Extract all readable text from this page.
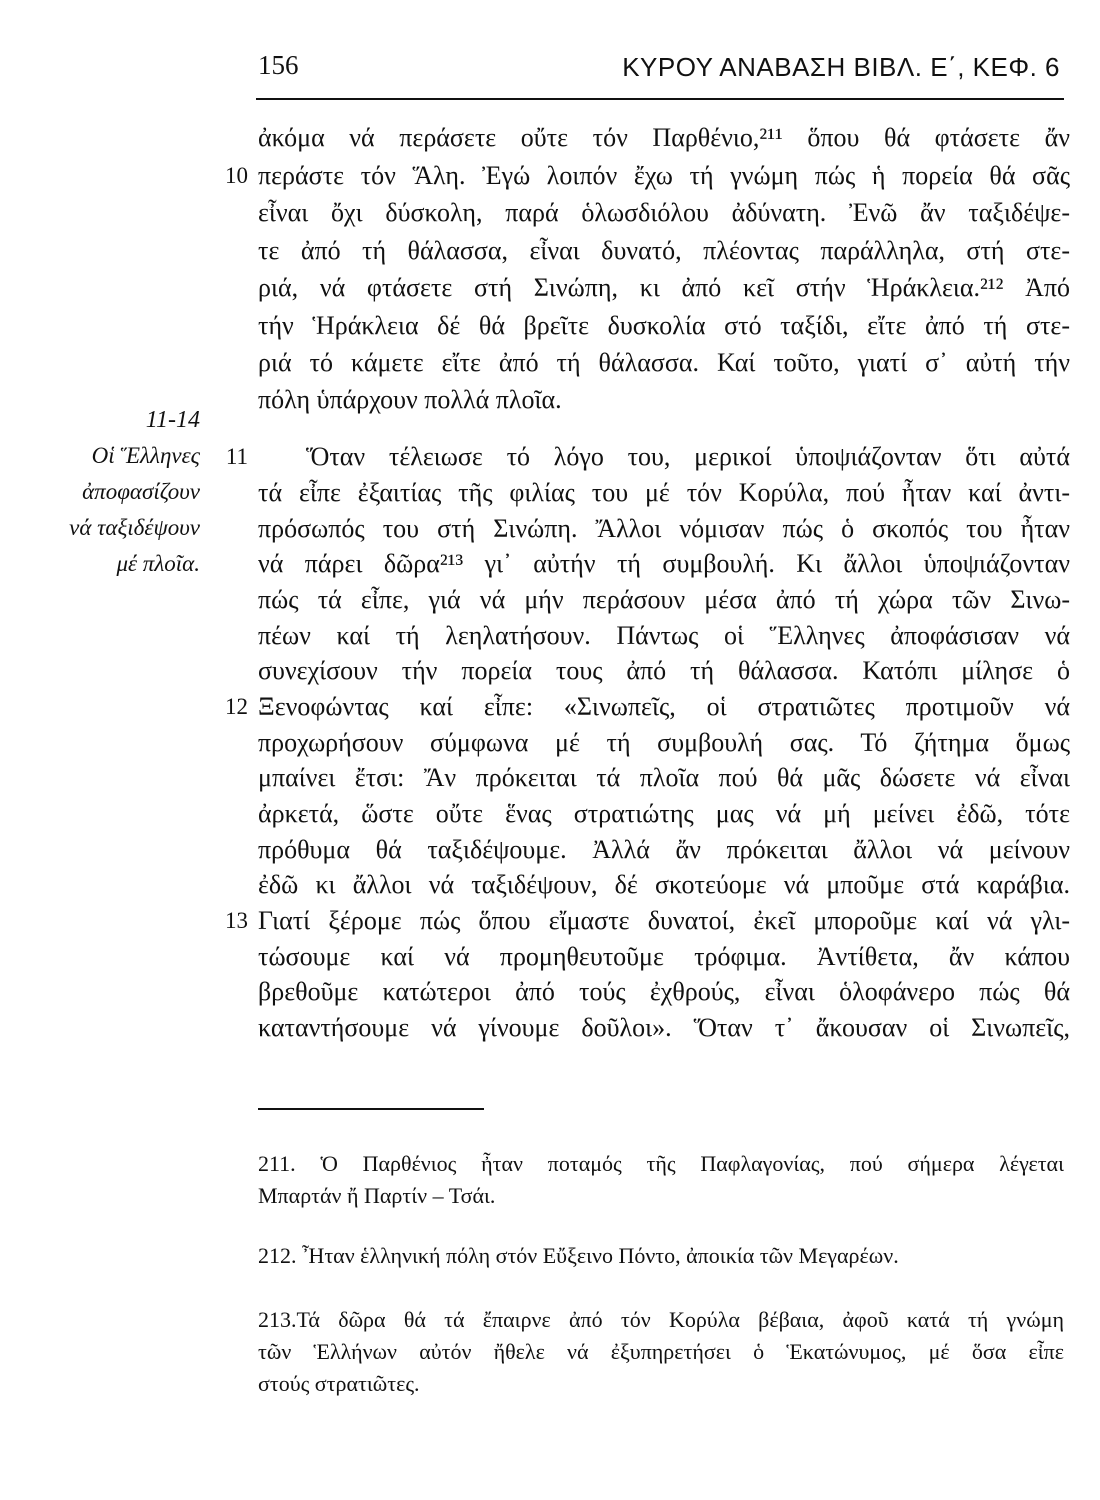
156	ΚΥΡΟΥ ΑΝΑΒΑΣΗ ΒΙΒΛ. Ε΄, ΚΕΦ. 6
11-14
Οἱ Ἕλληνες
ἀποφασίζουν
νά ταξιδέψουν
μέ πλοῖα.
10
11
12
13
ἀκόμα νά περάσετε οὔτε τόν Παρθένιο,²¹¹ ὅπου θά φτάσετε ἄν
περάστε τόν Ἅλη. Ἐγώ λοιπόν ἔχω τή γνώμη πώς ἡ πορεία θά σᾶς
εἶναι ὄχι δύσκολη, παρά ὁλωσδιόλου ἀδύνατη. Ἐνῶ ἄν ταξιδέψε-
τε ἀπό τή θάλασσα, εἶναι δυνατό, πλέοντας παράλληλα, στή στε-
ριά, νά φτάσετε στή Σινώπη, κι ἀπό κεῖ στήν Ἡράκλεια.²¹² Ἀπό
τήν Ἡράκλεια δέ θά βρεῖτε δυσκολία στό ταξίδι, εἴτε ἀπό τή στε-
ριά τό κάμετε εἴτε ἀπό τή θάλασσα. Καί τοῦτο, γιατί σ᾽ αὐτή τήν
πόλη ὑπάρχουν πολλά πλοῖα.
Ὅταν τέλειωσε τό λόγο του, μερικοί ὑποψιάζονταν ὅτι αὐτά
τά εἶπε ἐξαιτίας τῆς φιλίας του μέ τόν Κορύλα, πού ἦταν καί ἀντι-
πρόσωπός του στή Σινώπη. Ἄλλοι νόμισαν πώς ὁ σκοπός του ἦταν
νά πάρει δῶρα²¹³ γι᾽ αὐτήν τή συμβουλή. Κι ἄλλοι ὑποψιάζονταν
πώς τά εἶπε, γιά νά μήν περάσουν μέσα ἀπό τή χώρα τῶν Σινω-
πέων καί τή λεηλατήσουν. Πάντως οἱ Ἕλληνες ἀποφάσισαν νά
συνεχίσουν τήν πορεία τους ἀπό τή θάλασσα. Κατόπι μίλησε ὁ
Ξενοφώντας καί εἶπε: «Σινωπεῖς, οἱ στρατιῶτες προτιμοῦν νά
προχωρήσουν σύμφωνα μέ τή συμβουλή σας. Τό ζήτημα ὅμως
μπαίνει ἔτσι: Ἄν πρόκειται τά πλοῖα πού θά μᾶς δώσετε νά εἶναι
ἀρκετά, ὥστε οὔτε ἕνας στρατιώτης μας νά μή μείνει ἐδῶ, τότε
πρόθυμα θά ταξιδέψουμε. Ἀλλά ἄν πρόκειται ἄλλοι νά μείνουν
ἐδῶ κι ἄλλοι νά ταξιδέψουν, δέ σκοτεύομε νά μποῦμε στά καράβια.
Γιατί ξέρομε πώς ὅπου εἴμαστε δυνατοί, ἐκεῖ μποροῦμε καί νά γλι-
τώσουμε καί νά προμηθευτοῦμε τρόφιμα. Ἀντίθετα, ἄν κάπου
βρεθοῦμε κατώτεροι ἀπό τούς ἐχθρούς, εἶναι ὁλοφάνερο πώς θά
καταντήσουμε νά γίνουμε δοῦλοι». Ὅταν τ᾽ ἄκουσαν οἱ Σινωπεῖς,
211. Ὁ Παρθένιος ἦταν ποταμός τῆς Παφλαγονίας, πού σήμερα λέγεται
Μπαρτάν ἤ Παρτίν – Τσάι.
212. Ἦταν ἑλληνική πόλη στόν Εὔξεινο Πόντο, ἀποικία τῶν Μεγαρέων.
213.Τά δῶρα θά τά ἔπαιρνε ἀπό τόν Κορύλα βέβαια, ἀφοῦ κατά τή γνώμη
τῶν Ἑλλήνων αὐτόν ἤθελε νά ἐξυπηρετήσει ὁ Ἑκατώνυμος, μέ ὅσα εἶπε
στούς στρατιῶτες.
